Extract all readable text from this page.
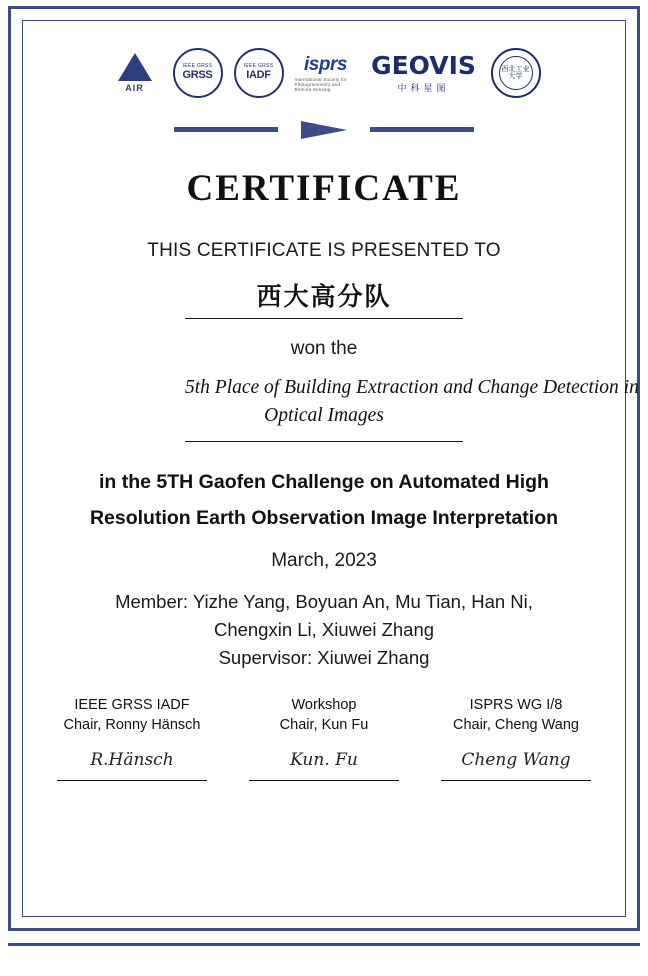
AIR
IEEE GRSS
GRSS
IEEE GRSS
IADF
isprs
International Society for Photogrammetry and Remote Sensing
GEOVIS
中科星图
西北工业大学
CERTIFICATE
THIS CERTIFICATE IS PRESENTED TO
西大高分队
won the
5th Place of Building Extraction and Change Detection in
Optical Images
in the 5TH Gaofen Challenge on Automated High
Resolution Earth Observation Image Interpretation
March, 2023
Member: Yizhe Yang, Boyuan An, Mu Tian, Han Ni,
Chengxin Li, Xiuwei Zhang
Supervisor: Xiuwei Zhang
IEEE GRSS IADF
Chair, Ronny Hänsch
R.Hänsch
Workshop
Chair, Kun Fu
Kun. Fu
ISPRS WG I/8
Chair, Cheng Wang
Cheng Wang
